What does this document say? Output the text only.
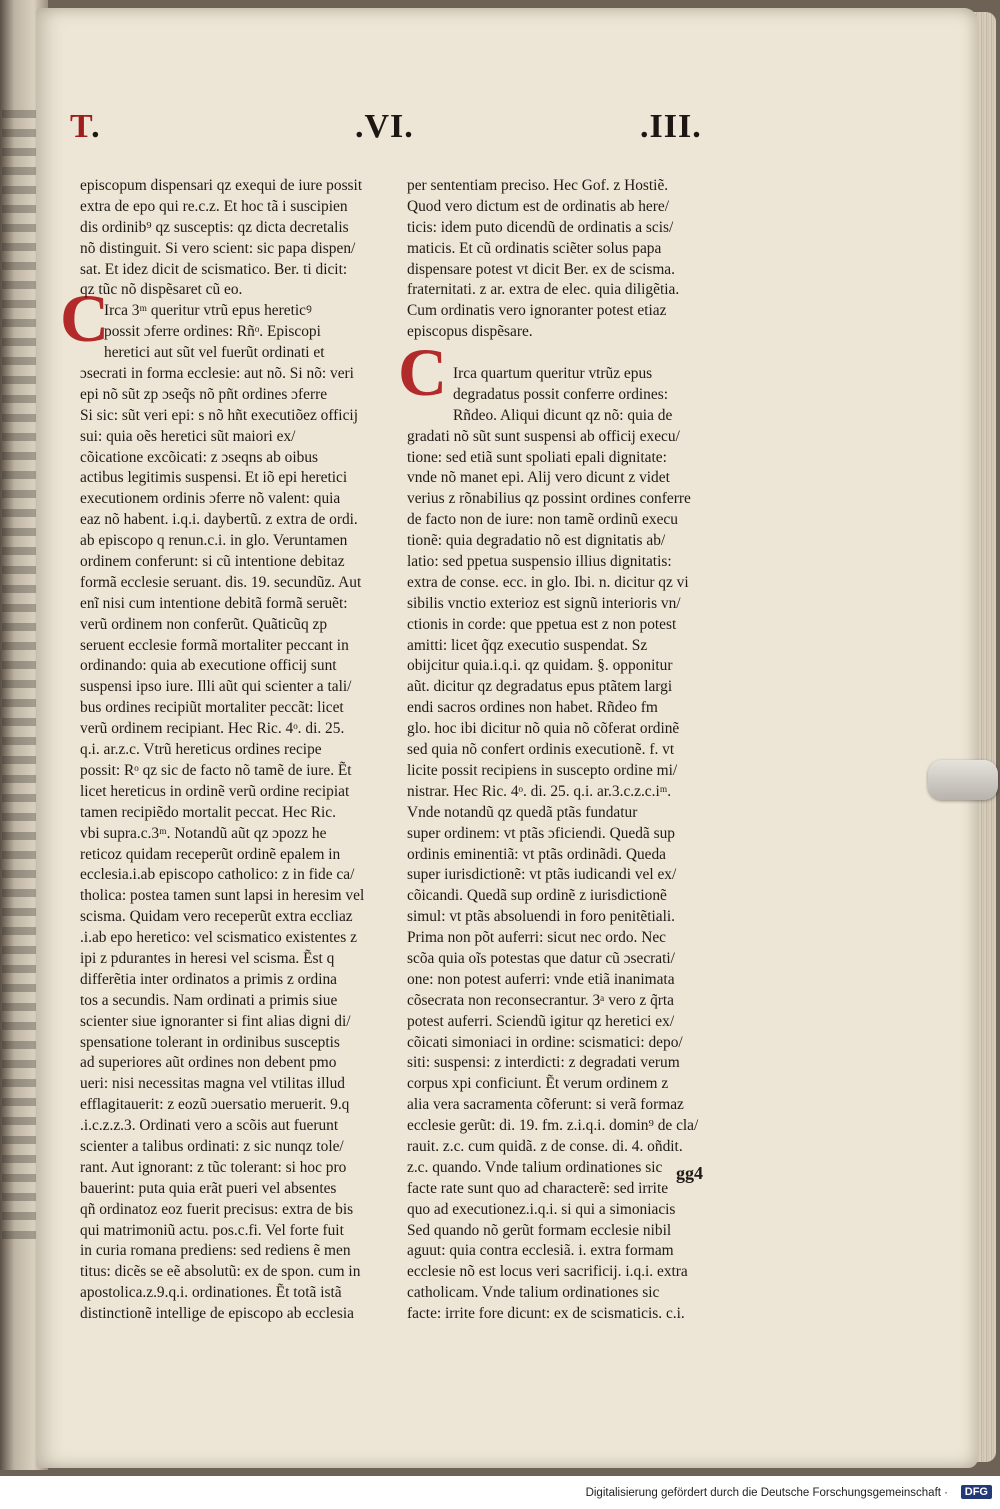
T.	.VI.	.III.
C
C
episcopum dispensari qz exequi de iure possit
extra de epo qui re.c.z. Et hoc tã i suscipien
dis ordinib⁹ qz susceptis: qz dicta decretalis
nõ distinguit. Si vero scient: sic papa dispen/
sat. Et idez dicit de scismatico. Ber. ti dicit:
qz tũc nõ dispẽsaret cũ eo.
Irca 3ᵐ queritur vtrũ epus hereticꝰ
possit ɔferre ordines: Rñᵒ. Episcopi
heretici aut sũt vel fuerũt ordinati et
ɔsecrati in forma ecclesie: aut nõ. Si nõ: veri
epi nõ sũt zp ɔseq̃s nõ pñt ordines ɔferre
Si sic: sũt veri epi: s nõ hñt executiõez officij
sui: quia oẽs heretici sũt maiori ex/
cõicatione excõicati: z ɔseqns ab oibus
actibus legitimis suspensi. Et iõ epi heretici
executionem ordinis ɔferre nõ valent: quia
eaz nõ habent. i.q.i. daybertũ. z extra de ordi.
ab episcopo q renun.c.i. in glo. Veruntamen
ordinem conferunt: si cũ intentione debitaz
formã ecclesie seruant. dis. 19. secundũz. Aut
enĩ nisi cum intentione debitã formã seruẽt:
verũ ordinem non conferũt. Quãticũq zp
seruent ecclesie formã mortaliter peccant in
ordinando: quia ab executione officij sunt
suspensi ipso iure. Illi aũt qui scienter a tali/
bus ordines recipiũt mortaliter peccãt: licet
verũ ordinem recipiant. Hec Ric. 4ᵒ. di. 25.
q.i. ar.z.c. Vtrũ hereticus ordines recipe
possit: Rᵒ qz sic de facto nõ tamẽ de iure. Ẽt
licet hereticus in ordinẽ verũ ordine recipiat
tamen recipiẽdo mortalit peccat. Hec Ric.
vbi supra.c.3ᵐ. Notandũ aũt qz ɔpozz he
reticoz quidam receperũt ordinẽ epalem in
ecclesia.i.ab episcopo catholico: z in fide ca/
tholica: postea tamen sunt lapsi in heresim vel
scisma. Quidam vero receperũt extra eccliaz
.i.ab epo heretico: vel scismatico existentes z
ipi z pdurantes in heresi vel scisma. Ẽst q
differẽtia inter ordinatos a primis z ordina
tos a secundis. Nam ordinati a primis siue
scienter siue ignoranter si fint alias digni di/
spensatione tolerant in ordinibus susceptis
ad superiores aũt ordines non debent pmo
ueri: nisi necessitas magna vel vtilitas illud
efflagitauerit: z eozũ ɔuersatio meruerit. 9.q
.i.c.z.z.3. Ordinati vero a scõis aut fuerunt
scienter a talibus ordinati: z sic nunqz tole/
rant. Aut ignorant: z tũc tolerant: si hoc pro
bauerint: puta quia erãt pueri vel absentes
qñ ordinatoz eoz fuerit precisus: extra de bis
qui matrimoniũ actu. pos.c.fi. Vel forte fuit
in curia romana prediens: sed rediens ẽ men
titus: dicẽs se eẽ absolutũ: ex de spon. cum in
apostolica.z.9.q.i. ordinationes. Ẽt totã istã
distinctionẽ intellige de episcopo ab ecclesia
per sententiam preciso. Hec Gof. z Hostiẽ.
Quod vero dictum est de ordinatis ab here/
ticis: idem puto dicendũ de ordinatis a scis/
maticis. Et cũ ordinatis sciẽter solus papa
dispensare potest vt dicit Ber. ex de scisma.
fraternitati. z ar. extra de elec. quia diligẽtia.
Cum ordinatis vero ignoranter potest etiaz
episcopus dispẽsare.
Irca quartum queritur vtrũz epus
degradatus possit conferre ordines:
Rñdeo. Aliqui dicunt qz nõ: quia de
gradati nõ sũt sunt suspensi ab officij execu/
tione: sed etiã sunt spoliati epali dignitate:
vnde nõ manet epi. Alij vero dicunt z videt
verius z rõnabilius qz possint ordines conferre
de facto non de iure: non tamẽ ordinũ execu
tionẽ: quia degradatio nõ est dignitatis ab/
latio: sed ppetua suspensio illius dignitatis:
extra de conse. ecc. in glo. Ibi. n. dicitur qz vi
sibilis vnctio exterioz est signũ interioris vn/
ctionis in corde: que ppetua est z non potest
amitti: licet q̃qz executio suspendat. Sz
obijcitur quia.i.q.i. qz quidam. §. opponitur
aũt. dicitur qz degradatus epus ptãtem largi
endi sacros ordines non habet. Rñdeo fm
glo. hoc ibi dicitur nõ quia nõ cõferat ordinẽ
sed quia nõ confert ordinis executionẽ. f. vt
licite possit recipiens in suscepto ordine mi/
nistrar. Hec Ric. 4ᵒ. di. 25. q.i. ar.3.c.z.c.iᵐ.
Vnde notandũ qz quedã ptãs fundatur
super ordinem: vt ptãs ɔficiendi. Quedã sup
ordinis eminentiã: vt ptãs ordinãdi. Queda
super iurisdictionẽ: vt ptãs iudicandi vel ex/
cõicandi. Quedã sup ordinẽ z iurisdictionẽ
simul: vt ptãs absoluendi in foro penitẽtiali.
Prima non põt auferri: sicut nec ordo. Nec
scõa quia oĩs potestas que datur cũ ɔsecrati/
one: non potest auferri: vnde etiã inanimata
cõsecrata non reconsecrantur. 3ᵃ vero z q̃rta
potest auferri. Sciendũ igitur qz heretici ex/
cõicati simoniaci in ordine: scismatici: depo/
siti: suspensi: z interdicti: z degradati verum
corpus xpi conficiunt. Ẽt verum ordinem z
alia vera sacramenta cõferunt: si verã formaz
ecclesie gerũt: di. 19. fm. z.i.q.i. domin⁹ de cla/
rauit. z.c. cum quidã. z de conse. di. 4. oñdit.
z.c. quando. Vnde talium ordinationes sic
facte rate sunt quo ad characterẽ: sed irrite
quo ad executionez.i.q.i. si qui a simoniacis
Sed quando nõ gerũt formam ecclesie nibil
aguut: quia contra ecclesiã. i. extra formam
ecclesie nõ est locus veri sacrificij. i.q.i. extra
catholicam. Vnde talium ordinationes sic
facte: irrite fore dicunt: ex de scismaticis. c.i.
gg4
Digitalisierung gefördert durch die Deutsche Forschungsgemeinschaft ·	DFG
